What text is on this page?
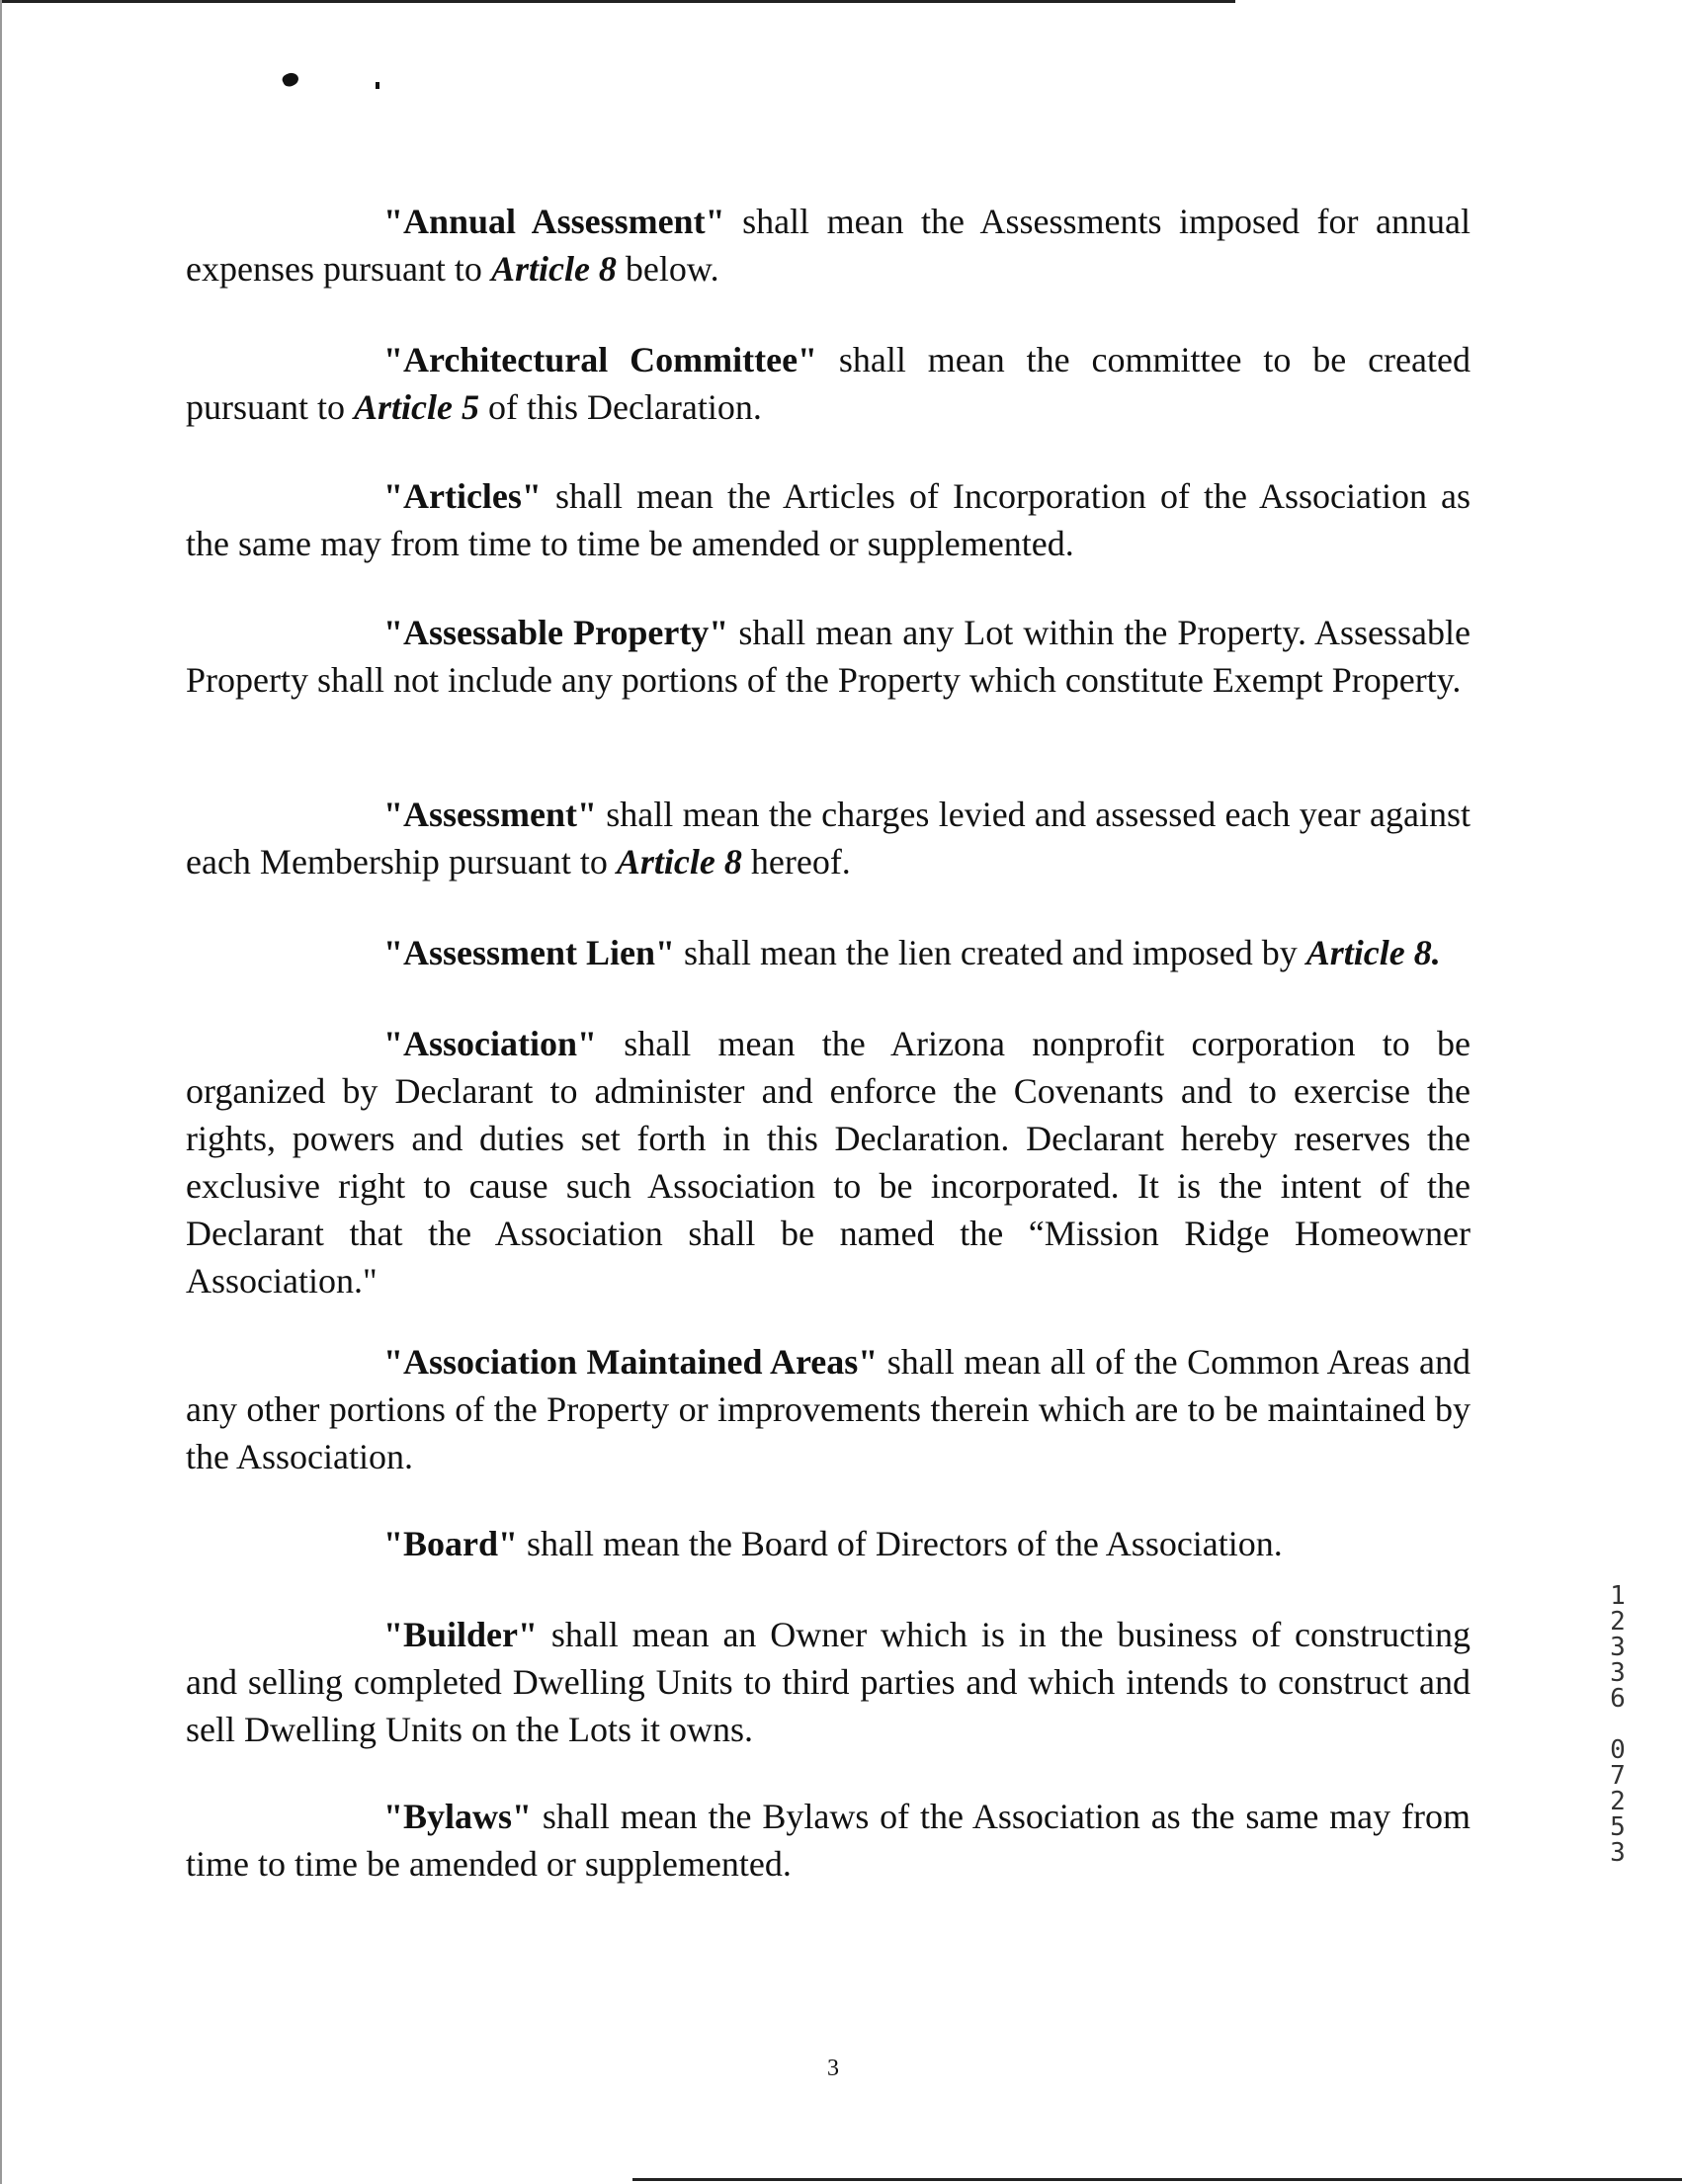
"Annual Assessment" shall mean the Assessments imposed for annual expenses pursuant to Article 8 below.

"Architectural Committee" shall mean the committee to be created pursuant to Article 5 of this Declaration.

"Articles" shall mean the Articles of Incorporation of the Association as the same may from time to time be amended or supplemented.

"Assessable Property" shall mean any Lot within the Property. Assessable Property shall not include any portions of the Property which constitute Exempt Property.

"Assessment" shall mean the charges levied and assessed each year against each Membership pursuant to Article 8 hereof.

"Assessment Lien" shall mean the lien created and imposed by Article 8.

"Association" shall mean the Arizona nonprofit corporation to be organized by Declarant to administer and enforce the Covenants and to exercise the rights, powers and duties set forth in this Declaration. Declarant hereby reserves the exclusive right to cause such Association to be incorporated. It is the intent of the Declarant that the Association shall be named the “Mission Ridge Homeowner Association."

"Association Maintained Areas" shall mean all of the Common Areas and any other portions of the Property or improvements therein which are to be maintained by the Association.

"Board" shall mean the Board of Directors of the Association.

"Builder" shall mean an Owner which is in the business of constructing and selling completed Dwelling Units to third parties and which intends to construct and sell Dwelling Units on the Lots it owns.

"Bylaws" shall mean the Bylaws of the Association as the same may from time to time be amended or supplemented.

3
12336 07253
